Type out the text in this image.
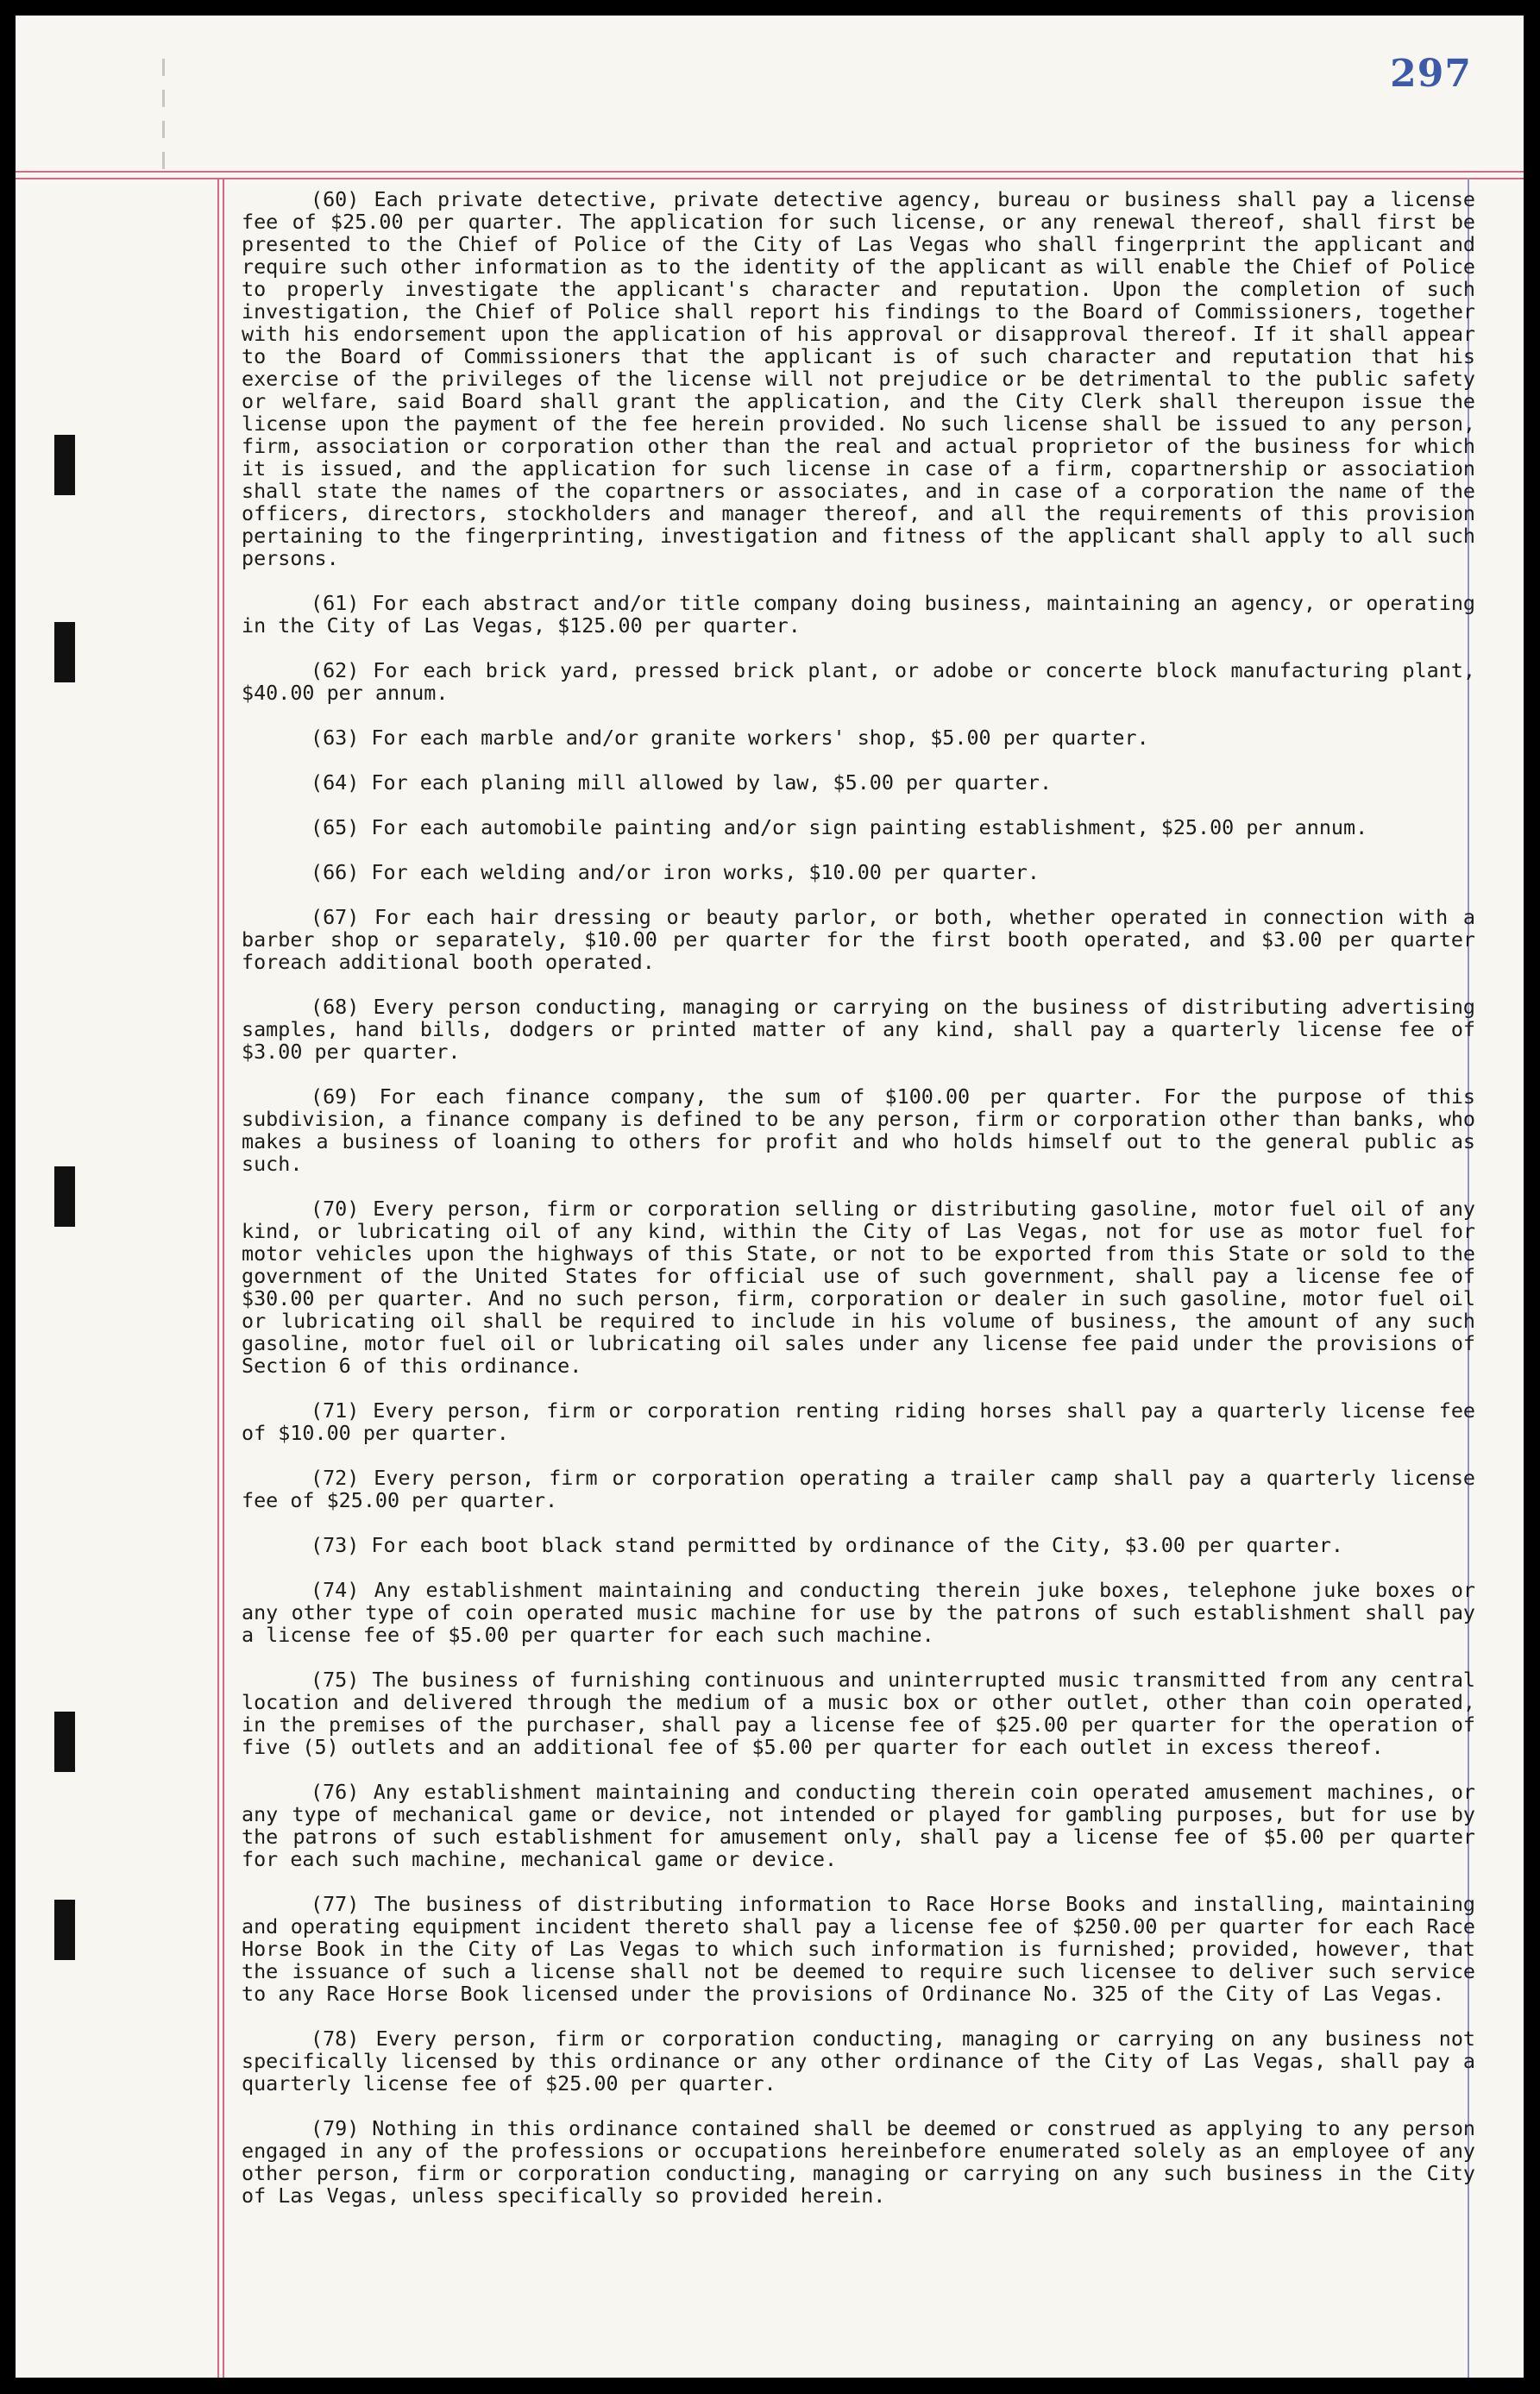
297

(60) Each private detective, private detective agency, bureau or business shall pay a license fee of $25.00 per quarter. The application for such license, or any renewal thereof, shall first be presented to the Chief of Police of the City of Las Vegas who shall fingerprint the applicant and require such other information as to the identity of the applicant as will enable the Chief of Police to properly investigate the applicant's character and reputation. Upon the completion of such investigation, the Chief of Police shall report his findings to the Board of Commissioners, together with his endorsement upon the application of his approval or disapproval thereof. If it shall appear to the Board of Commissioners that the applicant is of such character and reputation that his exercise of the privileges of the license will not prejudice or be detrimental to the public safety or welfare, said Board shall grant the application, and the City Clerk shall thereupon issue the license upon the payment of the fee herein provided. No such license shall be issued to any person, firm, association or corporation other than the real and actual proprietor of the business for which it is issued, and the application for such license in case of a firm, copartnership or association shall state the names of the copartners or associates, and in case of a corporation the name of the officers, directors, stockholders and manager thereof, and all the requirements of this provision pertaining to the fingerprinting, investigation and fitness of the applicant shall apply to all such persons.

(61) For each abstract and/or title company doing business, maintaining an agency, or operating in the City of Las Vegas, $125.00 per quarter.

(62) For each brick yard, pressed brick plant, or adobe or concerte block manufacturing plant, $40.00 per annum.

(63) For each marble and/or granite workers' shop, $5.00 per quarter.

(64) For each planing mill allowed by law, $5.00 per quarter.

(65) For each automobile painting and/or sign painting establishment, $25.00 per annum.

(66) For each welding and/or iron works, $10.00 per quarter.

(67) For each hair dressing or beauty parlor, or both, whether operated in connection with a barber shop or separately, $10.00 per quarter for the first booth operated, and $3.00 per quarter foreach additional booth operated.

(68) Every person conducting, managing or carrying on the business of distributing advertising samples, hand bills, dodgers or printed matter of any kind, shall pay a quarterly license fee of $3.00 per quarter.

(69) For each finance company, the sum of $100.00 per quarter. For the purpose of this subdivision, a finance company is defined to be any person, firm or corporation other than banks, who makes a business of loaning to others for profit and who holds himself out to the general public as such.

(70) Every person, firm or corporation selling or distributing gasoline, motor fuel oil of any kind, or lubricating oil of any kind, within the City of Las Vegas, not for use as motor fuel for motor vehicles upon the highways of this State, or not to be exported from this State or sold to the government of the United States for official use of such government, shall pay a license fee of $30.00 per quarter. And no such person, firm, corporation or dealer in such gasoline, motor fuel oil or lubricating oil shall be required to include in his volume of business, the amount of any such gasoline, motor fuel oil or lubricating oil sales under any license fee paid under the provisions of Section 6 of this ordinance.

(71) Every person, firm or corporation renting riding horses shall pay a quarterly license fee of $10.00 per quarter.

(72) Every person, firm or corporation operating a trailer camp shall pay a quarterly license fee of $25.00 per quarter.

(73) For each boot black stand permitted by ordinance of the City, $3.00 per quarter.

(74) Any establishment maintaining and conducting therein juke boxes, telephone juke boxes or any other type of coin operated music machine for use by the patrons of such establishment shall pay a license fee of $5.00 per quarter for each such machine.

(75) The business of furnishing continuous and uninterrupted music transmitted from any central location and delivered through the medium of a music box or other outlet, other than coin operated, in the premises of the purchaser, shall pay a license fee of $25.00 per quarter for the operation of five (5) outlets and an additional fee of $5.00 per quarter for each outlet in excess thereof.

(76) Any establishment maintaining and conducting therein coin operated amusement machines, or any type of mechanical game or device, not intended or played for gambling purposes, but for use by the patrons of such establishment for amusement only, shall pay a license fee of $5.00 per quarter for each such machine, mechanical game or device.

(77) The business of distributing information to Race Horse Books and installing, maintaining and operating equipment incident thereto shall pay a license fee of $250.00 per quarter for each Race Horse Book in the City of Las Vegas to which such information is furnished; provided, however, that the issuance of such a license shall not be deemed to require such licensee to deliver such service to any Race Horse Book licensed under the provisions of Ordinance No. 325 of the City of Las Vegas.

(78) Every person, firm or corporation conducting, managing or carrying on any business not specifically licensed by this ordinance or any other ordinance of the City of Las Vegas, shall pay a quarterly license fee of $25.00 per quarter.

(79) Nothing in this ordinance contained shall be deemed or construed as applying to any person engaged in any of the professions or occupations hereinbefore enumerated solely as an employee of any other person, firm or corporation conducting, managing or carrying on any such business in the City of Las Vegas, unless specifically so provided herein.
